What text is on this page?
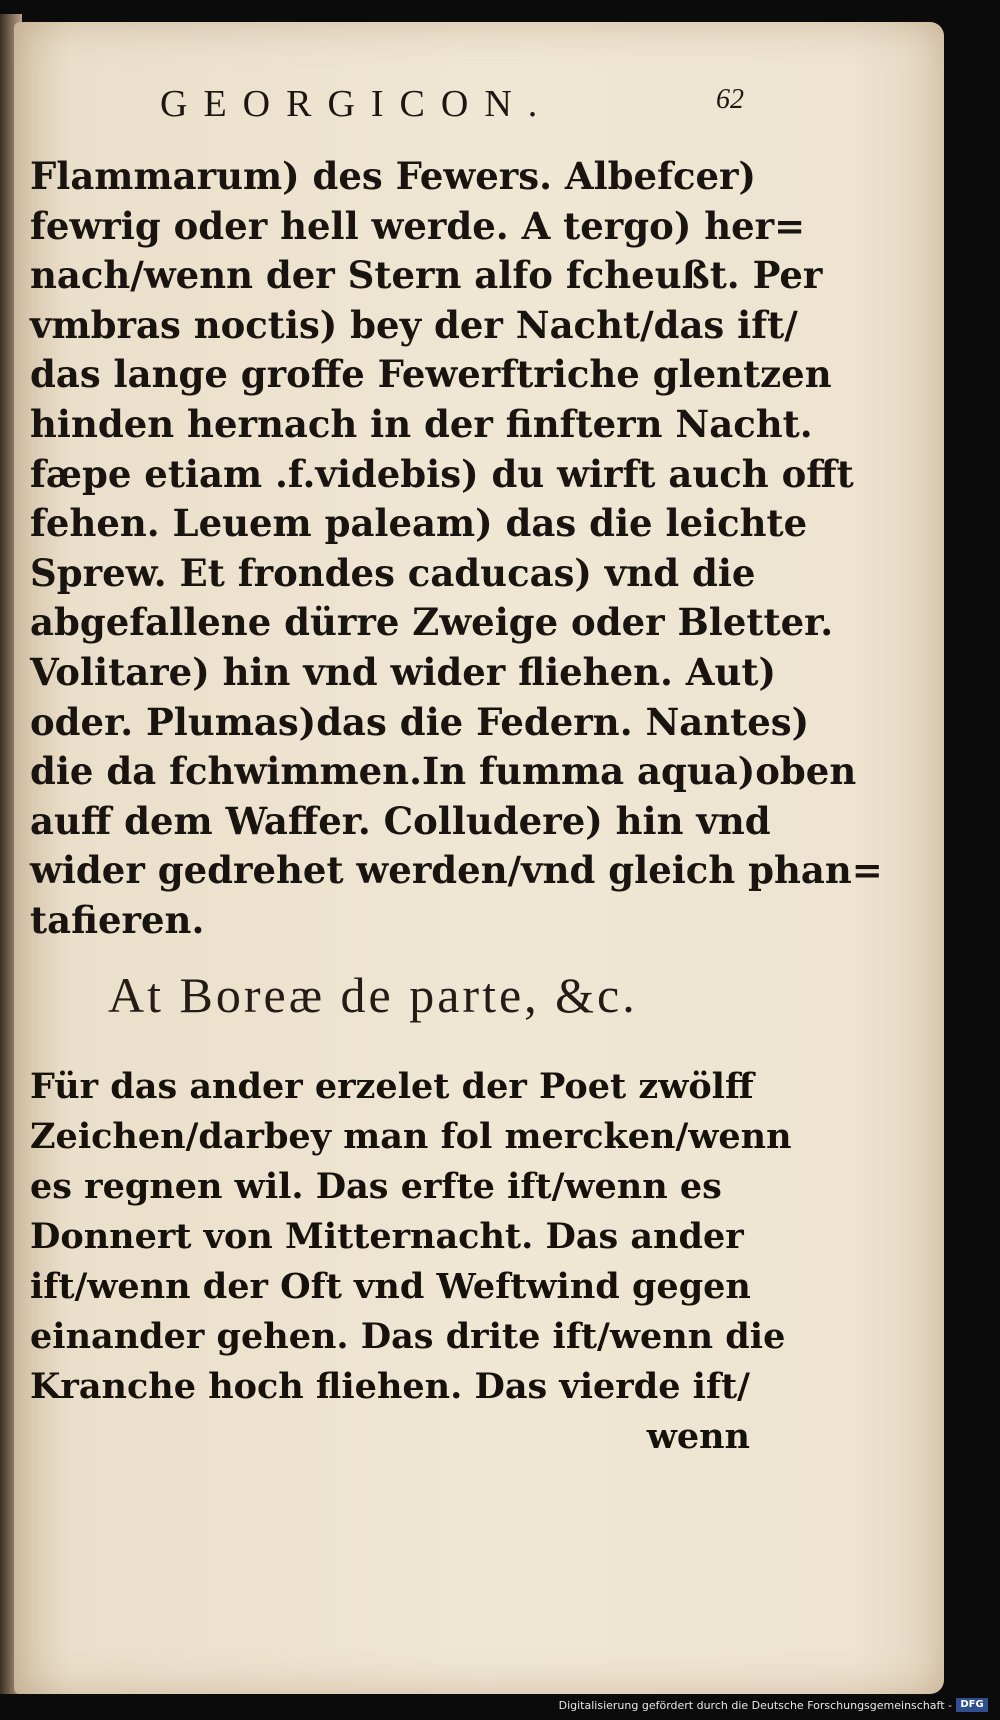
GEORGICON.	62
Flammarum) des Fewers. Albefcer)
fewrig oder hell werde. A tergo) her=
nach/wenn der Stern alfo fcheußt. Per
vmbras noctis) bey der Nacht/das ift/
das lange groffe Fewerftriche glentzen
hinden hernach in der finftern Nacht.
fæpe etiam .f.videbis) du wirft auch offt
fehen. Leuem paleam) das die leichte
Sprew. Et frondes caducas) vnd die
abgefallene dürre Zweige oder Bletter.
Volitare) hin vnd wider fliehen. Aut)
oder. Plumas)das die Federn. Nantes)
die da fchwimmen.In fumma aqua)oben
auff dem Waffer. Colludere) hin vnd
wider gedrehet werden/vnd gleich phan=
tafieren.
At Boreæ de parte, &c.
Für das ander erzelet der Poet zwölff
Zeichen/darbey man fol mercken/wenn
es regnen wil. Das erfte ift/wenn es
Donnert von Mitternacht. Das ander
ift/wenn der Oft vnd Weftwind gegen
einander gehen. Das drite ift/wenn die
Kranche hoch fliehen. Das vierde ift/
wenn
Digitalisierung gefördert durch die Deutsche Forschungsgemeinschaft - DFG
